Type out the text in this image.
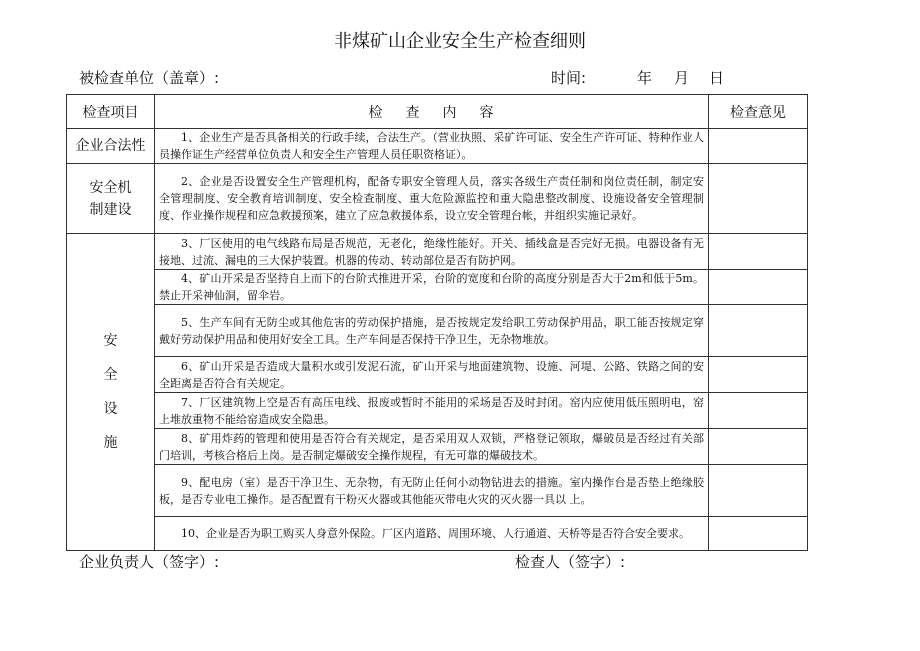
非煤矿山企业安全生产检查细则
被检查单位（盖章）:	时间:	年 月 日
检查项目	检 查 内 容	检查意见
企业合法性	1、企业生产是否具备相关的行政手续，合法生产。（营业执照、采矿许可证、安全生产许可证、特种作业人员操作证生产经营单位负责人和安全生产管理人员任职资格证）。	

安全机
制建设	2、企业是否设置安全生产管理机构，配备专职安全管理人员，落实各级生产责任制和岗位责任制，制定安全管理制度、安全教育培训制度、安全检查制度、重大危险源监控和重大隐患整改制度、设施设备安全管理制度、作业操作规程和应急救援预案，建立了应急救援体系，设立安全管理台帐，并组织实施记录好。	

安
全
设
施	3、厂区使用的电气线路布局是否规范，无老化，绝缘性能好。开关、插线盒是否完好无损。电器设备有无接地、过流、漏电的三大保护装置。机器的传动、转动部位是否有防护网。	
	4、矿山开采是否坚持自上而下的台阶式推进开采，台阶的宽度和台阶的高度分别是否大于2m和低于5m。禁止开采神仙洞，留伞岩。	
	5、生产车间有无防尘或其他危害的劳动保护措施，是否按规定发给职工劳动保护用品，职工能否按规定穿戴好劳动保护用品和使用好安全工具。生产车间是否保持干净卫生，无杂物堆放。	
	6、矿山开采是否造成大量积水或引发泥石流，矿山开采与地面建筑物、设施、河堤、公路、铁路之间的安全距离是否符合有关规定。	
	7、厂区建筑物上空是否有高压电线、报废或暂时不能用的采场是否及时封闭。窑内应使用低压照明电，窑上堆放重物不能给窑造成安全隐患。	
	8、矿用炸药的管理和使用是否符合有关规定，是否采用双人双锁，严格登记领取，爆破员是否经过有关部门培训，考核合格后上岗。是否制定爆破安全操作规程，有无可靠的爆破技术。	
	9、配电房（室）是否干净卫生、无杂物，有无防止任何小动物钻进去的措施。室内操作台是否垫上绝缘胶板，是否专业电工操作。是否配置有干粉灭火器或其他能灭带电火灾的灭火器一具以 上。	
	10、企业是否为职工购买人身意外保险。厂区内道路、周围环境、人行通道、天桥等是否符合安全要求。	
企业负责人（签字）:	检查人（签字）:
